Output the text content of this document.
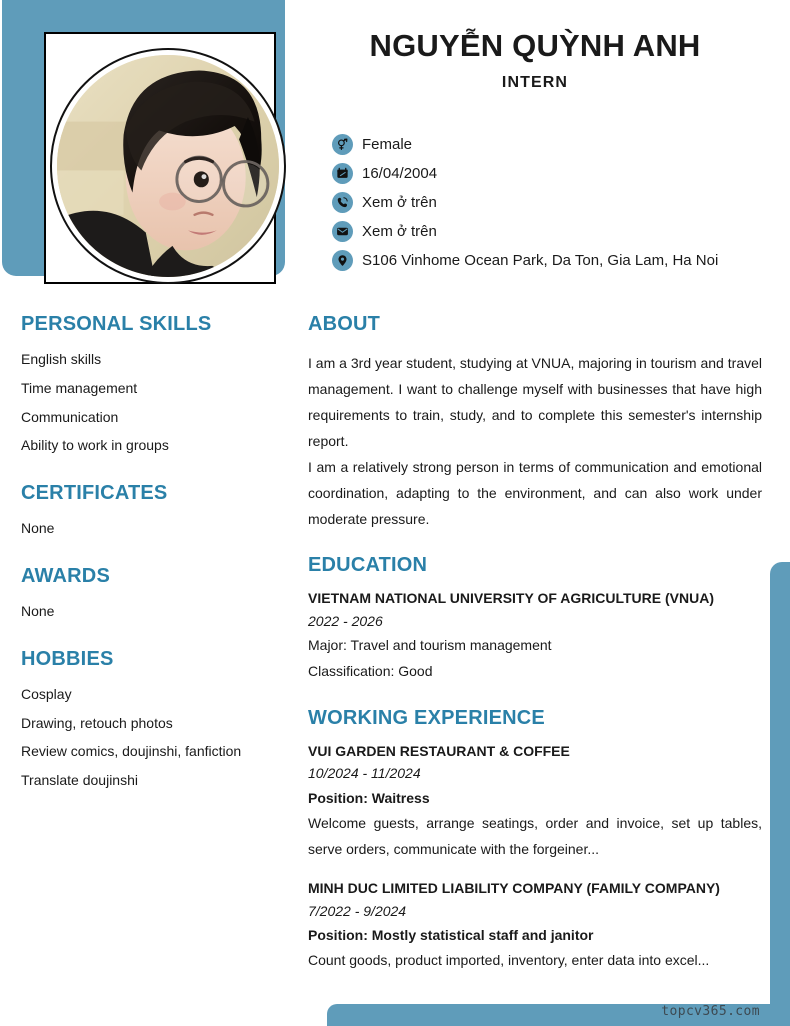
topcv365.com
NGUYỄN QUỲNH ANH
INTERN
Female
16/04/2004
Xem ở trên
Xem ở trên
S106 Vinhome Ocean Park, Da Ton, Gia Lam, Ha Noi
PERSONAL SKILLS
English skills
Time management
Communication
Ability to work in groups
CERTIFICATES
None
AWARDS
None
HOBBIES
Cosplay
Drawing, retouch photos
Review comics, doujinshi, fanfiction
Translate doujinshi
ABOUT
I am a 3rd year student, studying at VNUA, majoring in tourism and travel management. I want to challenge myself with businesses that have high requirements to train, study, and to complete this semester's internship report.
I am a relatively strong person in terms of communication and emotional coordination, adapting to the environment, and can also work under moderate pressure.
EDUCATION
VIETNAM NATIONAL UNIVERSITY OF AGRICULTURE (VNUA)
2022 - 2026
Major: Travel and tourism management
Classification: Good
WORKING EXPERIENCE
VUI GARDEN RESTAURANT & COFFEE
10/2024 - 11/2024
Position: Waitress
Welcome guests, arrange seatings, order and invoice, set up tables, serve orders, communicate with the forgeiner...
MINH DUC LIMITED LIABILITY COMPANY (FAMILY COMPANY)
7/2022 - 9/2024
Position: Mostly statistical staff and janitor
Count goods, product imported, inventory, enter data into excel...
